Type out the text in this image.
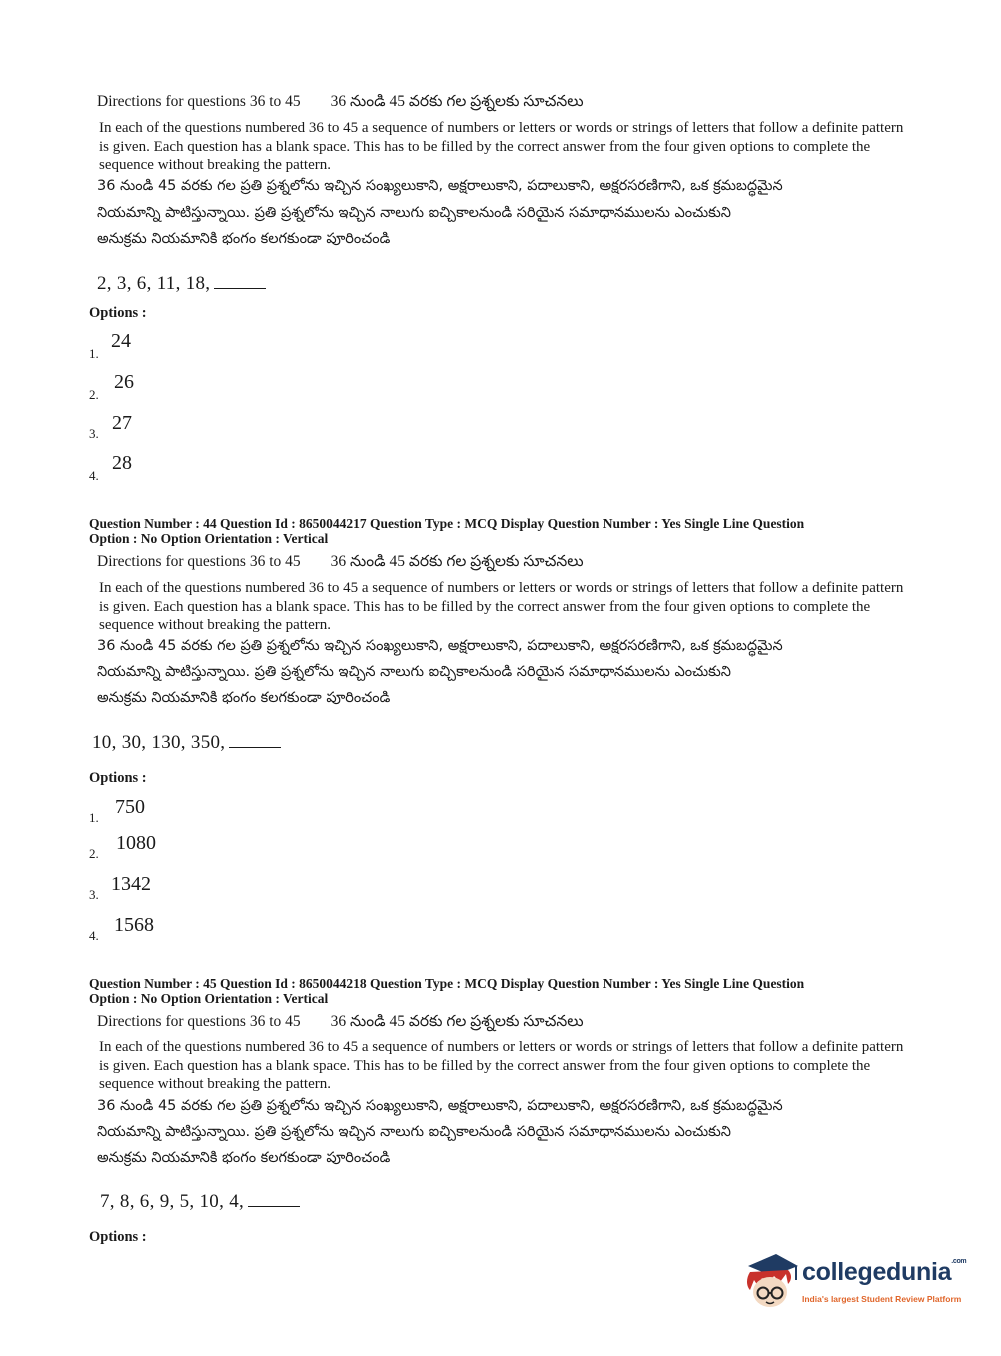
Directions for questions 36 to 45 36 నుండి 45 వరకు గల ప్రశ్నలకు సూచనలు
In each of the questions numbered 36 to 45 a sequence of numbers or letters or words or strings of letters that follow a definite pattern is given. Each question has a blank space. This has to be filled by the correct answer from the four given options to complete the sequence without breaking the pattern.
36 నుండి 45 వరకు గల ప్రతి ప్రశ్నలోను ఇచ్చిన సంఖ్యలుకాని, అక్షరాలుకాని, పదాలుకాని, అక్షరసరణిగాని, ఒక క్రమబద్ధమైన
నియమాన్ని పాటిస్తున్నాయి. ప్రతి ప్రశ్నలోను ఇచ్చిన నాలుగు ఐచ్చికాలనుండి సరియైన సమాధానములను ఎంచుకుని
అనుక్రమ నియమానికి భంగం కలగకుండా పూరించండి
2, 3, 6, 11, 18,
Options :
1.
24
2.
26
3. 27
4.
28
Question Number : 44 Question Id : 8650044217 Question Type : MCQ Display Question Number : Yes Single Line Question
Option : No Option Orientation : Vertical
Directions for questions 36 to 45 36 నుండి 45 వరకు గల ప్రశ్నలకు సూచనలు
In each of the questions numbered 36 to 45 a sequence of numbers or letters or words or strings of letters that follow a definite pattern is given. Each question has a blank space. This has to be filled by the correct answer from the four given options to complete the sequence without breaking the pattern.
36 నుండి 45 వరకు గల ప్రతి ప్రశ్నలోను ఇచ్చిన సంఖ్యలుకాని, అక్షరాలుకాని, పదాలుకాని, అక్షరసరణిగాని, ఒక క్రమబద్ధమైన
నియమాన్ని పాటిస్తున్నాయి. ప్రతి ప్రశ్నలోను ఇచ్చిన నాలుగు ఐచ్చికాలనుండి సరియైన సమాధానములను ఎంచుకుని
అనుక్రమ నియమానికి భంగం కలగకుండా పూరించండి
10, 30, 130, 350,
Options :
1. 750
2. 1080
3. 1342
4. 1568
Question Number : 45 Question Id : 8650044218 Question Type : MCQ Display Question Number : Yes Single Line Question
Option : No Option Orientation : Vertical
Directions for questions 36 to 45 36 నుండి 45 వరకు గల ప్రశ్నలకు సూచనలు
In each of the questions numbered 36 to 45 a sequence of numbers or letters or words or strings of letters that follow a definite pattern is given. Each question has a blank space. This has to be filled by the correct answer from the four given options to complete the sequence without breaking the pattern.
36 నుండి 45 వరకు గల ప్రతి ప్రశ్నలోను ఇచ్చిన సంఖ్యలుకాని, అక్షరాలుకాని, పదాలుకాని, అక్షరసరణిగాని, ఒక క్రమబద్ధమైన
నియమాన్ని పాటిస్తున్నాయి. ప్రతి ప్రశ్నలోను ఇచ్చిన నాలుగు ఐచ్చికాలనుండి సరియైన సమాధానములను ఎంచుకుని
అనుక్రమ నియమానికి భంగం కలగకుండా పూరించండి
7, 8, 6, 9, 5, 10, 4,
Options :
collegedunia$^{.com}$
India's largest Student Review Platform
